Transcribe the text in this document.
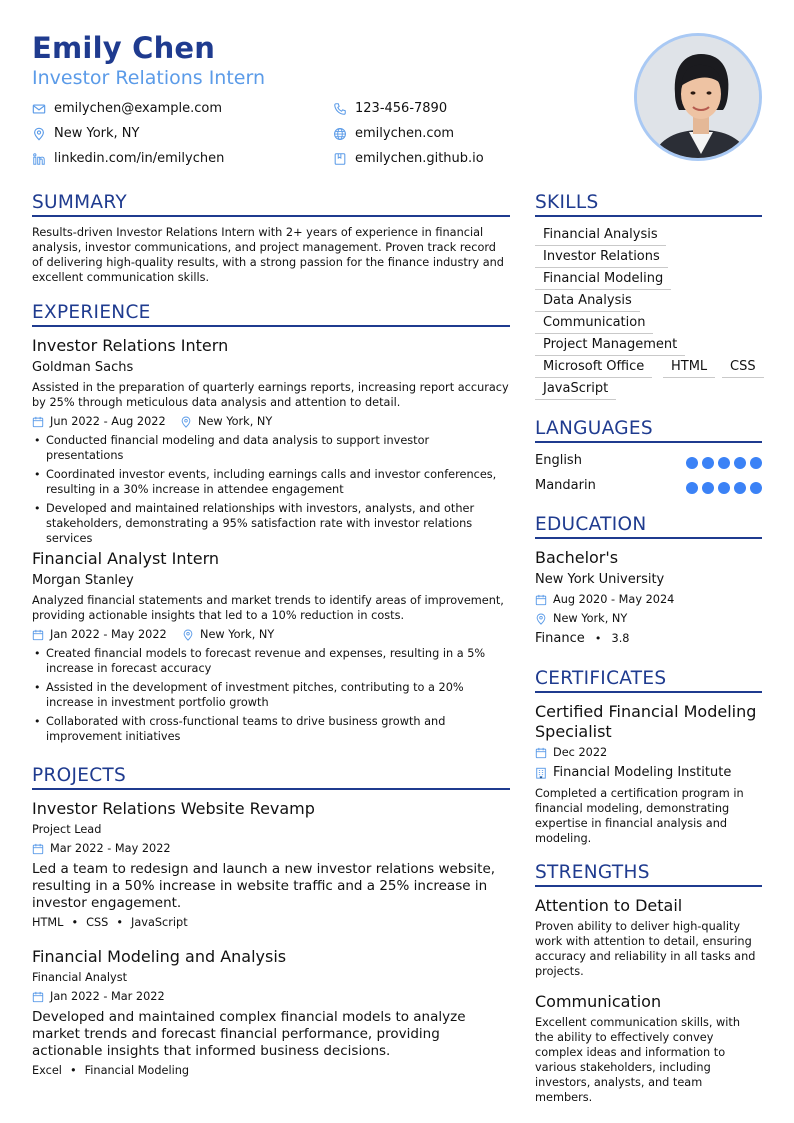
Emily Chen
Investor Relations Intern
emilychen@example.com	123-456-7890
New York, NY	emilychen.com
linkedin.com/in/emilychen	emilychen.github.io
SUMMARY
Results-driven Investor Relations Intern with 2+ years of experience in financial analysis, investor communications, and project management. Proven track record of delivering high-quality results, with a strong passion for the finance industry and excellent communication skills.
EXPERIENCE
Investor Relations Intern
Goldman Sachs
Assisted in the preparation of quarterly earnings reports, increasing report accuracy by 25% through meticulous data analysis and attention to detail.
Jun 2022 - Aug 2022	New York, NY
• Conducted financial modeling and data analysis to support investor presentations
• Coordinated investor events, including earnings calls and investor conferences, resulting in a 30% increase in attendee engagement
• Developed and maintained relationships with investors, analysts, and other stakeholders, demonstrating a 95% satisfaction rate with investor relations services
Financial Analyst Intern
Morgan Stanley
Analyzed financial statements and market trends to identify areas of improvement, providing actionable insights that led to a 10% reduction in costs.
Jan 2022 - May 2022	New York, NY
• Created financial models to forecast revenue and expenses, resulting in a 5% increase in forecast accuracy
• Assisted in the development of investment pitches, contributing to a 20% increase in investment portfolio growth
• Collaborated with cross-functional teams to drive business growth and improvement initiatives
PROJECTS
Investor Relations Website Revamp
Project Lead
Mar 2022 - May 2022
Led a team to redesign and launch a new investor relations website, resulting in a 50% increase in website traffic and a 25% increase in investor engagement.
HTML • CSS • JavaScript
Financial Modeling and Analysis
Financial Analyst
Jan 2022 - Mar 2022
Developed and maintained complex financial models to analyze market trends and forecast financial performance, providing actionable insights that informed business decisions.
Excel • Financial Modeling
SKILLS
Financial Analysis
Investor Relations
Financial Modeling
Data Analysis
Communication
Project Management
Microsoft Office	HTML	CSS
JavaScript
LANGUAGES
English
Mandarin
EDUCATION
Bachelor's
New York University
Aug 2020 - May 2024
New York, NY
Finance • 3.8
CERTIFICATES
Certified Financial Modeling Specialist
Dec 2022
Financial Modeling Institute
Completed a certification program in financial modeling, demonstrating expertise in financial analysis and modeling.
STRENGTHS
Attention to Detail
Proven ability to deliver high-quality work with attention to detail, ensuring accuracy and reliability in all tasks and projects.
Communication
Excellent communication skills, with the ability to effectively convey complex ideas and information to various stakeholders, including investors, analysts, and team members.
